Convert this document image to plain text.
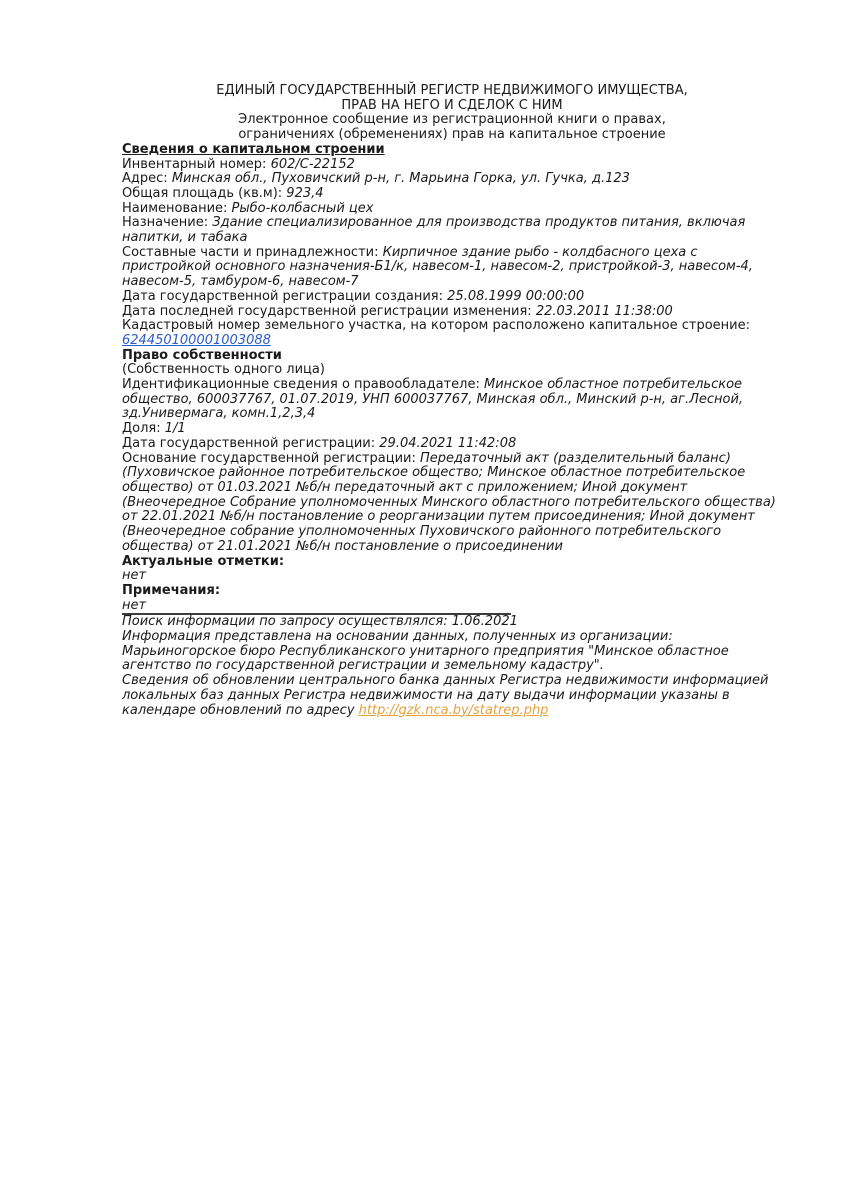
ЕДИНЫЙ ГОСУДАРСТВЕННЫЙ РЕГИСТР НЕДВИЖИМОГО ИМУЩЕСТВА,
ПРАВ НА НЕГО И СДЕЛОК С НИМ
Электронное сообщение из регистрационной книги о правах,
ограничениях (обременениях) прав на капитальное строение
Сведения о капитальном строении

Инвентарный номер: 602/С-22152

Адрес: Минская обл., Пуховичский р-н, г. Марьина Горка, ул. Гучка, д.123

Общая площадь (кв.м): 923,4

Наименование: Рыбо-колбасный цех

Назначение: Здание специализированное для производства продуктов питания, включая напитки, и табака

Составные части и принадлежности: Кирпичное здание рыбо - колдбасного цеха с пристройкой основного назначения-Б1/к, навесом-1, навесом-2, пристройкой-3, навесом-4, навесом-5, тамбуром-6, навесом-7

Дата государственной регистрации создания: 25.08.1999 00:00:00

Дата последней государственной регистрации изменения: 22.03.2011 11:38:00

Кадастровый номер земельного участка, на котором расположено капитальное строение:

624450100001003088

Право собственности

(Собственность одного лица)

Идентификационные сведения о правообладателе: Минское областное потребительское общество, 600037767, 01.07.2019, УНП 600037767, Минская обл., Минский р-н, аг.Лесной, зд.Универмага, комн.1,2,3,4

Доля: 1/1

Дата государственной регистрации: 29.04.2021 11:42:08

Основание государственной регистрации: Передаточный акт (разделительный баланс) (Пуховичское районное потребительское общество; Минское областное потребительское общество) от 01.03.2021 №б/н передаточный акт с приложением; Иной документ (Внеочередное Собрание уполномоченных Минского областного потребительского общества) от 22.01.2021 №б/н постановление о реорганизации путем присоединения; Иной документ (Внеочередное собрание уполномоченных Пуховичского районного потребительского общества) от 21.01.2021 №б/н постановление о присоединении

Актуальные отметки:

нет

Примечания:

нет

Поиск информации по запросу осуществлялся: 1.06.2021

Информация представлена на основании данных, полученных из организации: Марьиногорское бюро Республиканского унитарного предприятия "Минское областное агентство по государственной регистрации и земельному кадастру".

Сведения об обновлении центрального банка данных Регистра недвижимости информацией локальных баз данных Регистра недвижимости на дату выдачи информации указаны в календаре обновлений по адресу http://gzk.nca.by/statrep.php
